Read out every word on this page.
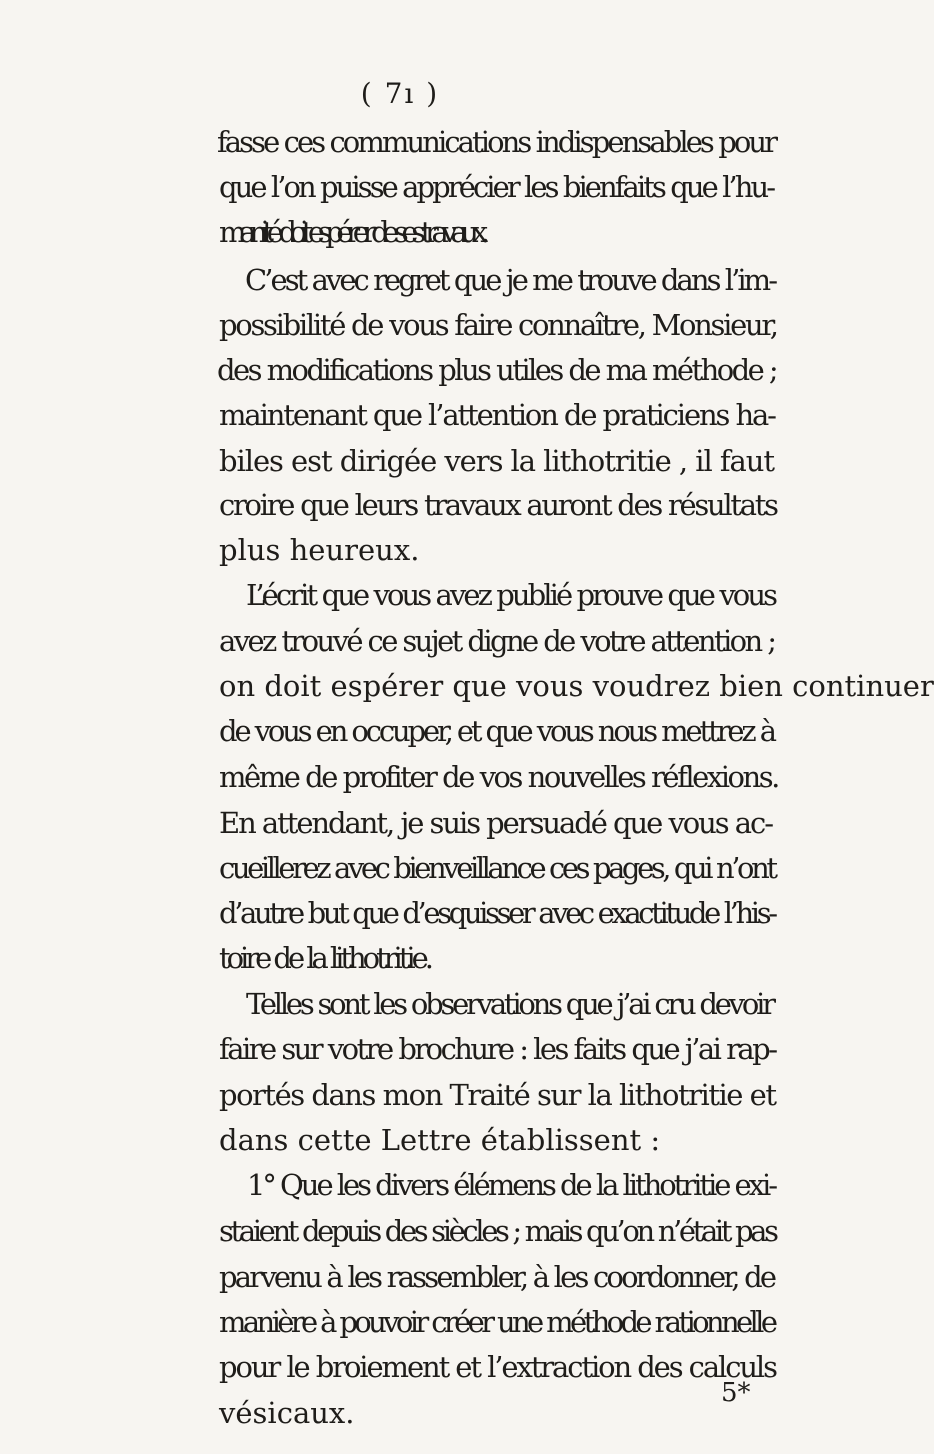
( 7ı )
5*
fasse ces communications indispensables pour
que l’on puisse apprécier les bienfaits que l’hu-
manité doit espérer de ses travaux.
C’est avec regret que je me trouve dans l’im-
possibilité de vous faire connaître, Monsieur,
des modifications plus utiles de ma méthode ;
maintenant que l’attention de praticiens ha-
biles est dirigée vers la lithotritie , il faut
croire que leurs travaux auront des résultats
plus heureux.
L’écrit que vous avez publié prouve que vous
avez trouvé ce sujet digne de votre attention ;
on doit espérer que vous voudrez bien continuer
de vous en occuper, et que vous nous mettrez à
même de profiter de vos nouvelles réflexions.
En attendant, je suis persuadé que vous ac-
cueillerez avec bienveillance ces pages, qui n’ont
d’autre but que d’esquisser avec exactitude l’his-
toire de la lithotritie.
Telles sont les observations que j’ai cru devoir
faire sur votre brochure : les faits que j’ai rap-
portés dans mon Traité sur la lithotritie et
dans cette Lettre établissent :
1° Que les divers élémens de la lithotritie exi-
staient depuis des siècles ; mais qu’on n’était pas
parvenu à les rassembler, à les coordonner, de
manière à pouvoir créer une méthode rationnelle
pour le broiement et l’extraction des calculs
vésicaux.
